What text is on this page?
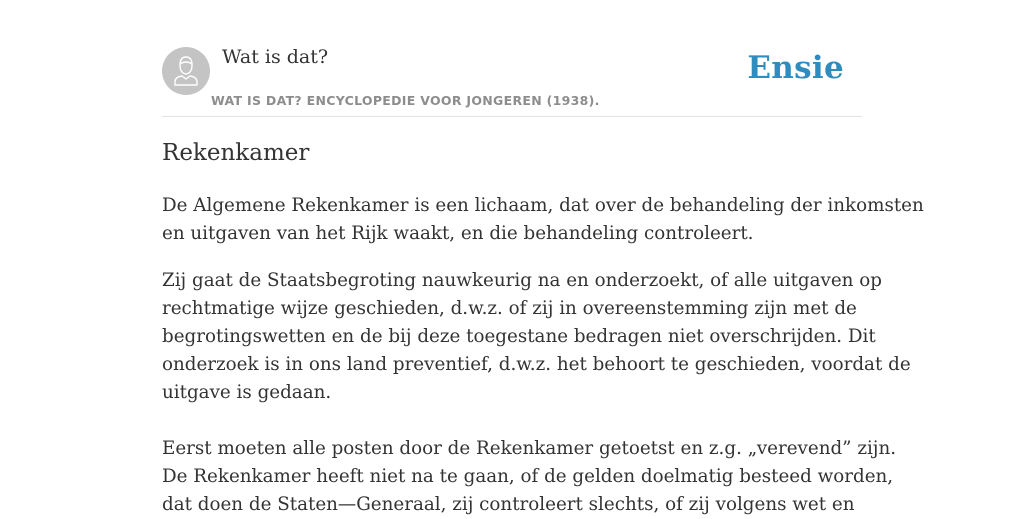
Wat is dat?
WAT IS DAT? ENCYCLOPEDIE VOOR JONGEREN (1938).
Ensie
Rekenkamer

De Algemene Rekenkamer is een lichaam, dat over de behandeling der inkomsten

en uitgaven van het Rijk waakt, en die behandeling controleert.

Zij gaat de Staatsbegroting nauwkeurig na en onderzoekt, of alle uitgaven op

rechtmatige wijze geschieden, d.w.z. of zij in overeenstemming zijn met de

begrotingswetten en de bij deze toegestane bedragen niet overschrijden. Dit

onderzoek is in ons land preventief, d.w.z. het behoort te geschieden, voordat de

uitgave is gedaan.

Eerst moeten alle posten door de Rekenkamer getoetst en z.g. „verevend” zijn.

De Rekenkamer heeft niet na te gaan, of de gelden doelmatig besteed worden,

dat doen de Staten—Generaal, zij controleert slechts, of zij volgens wet en
